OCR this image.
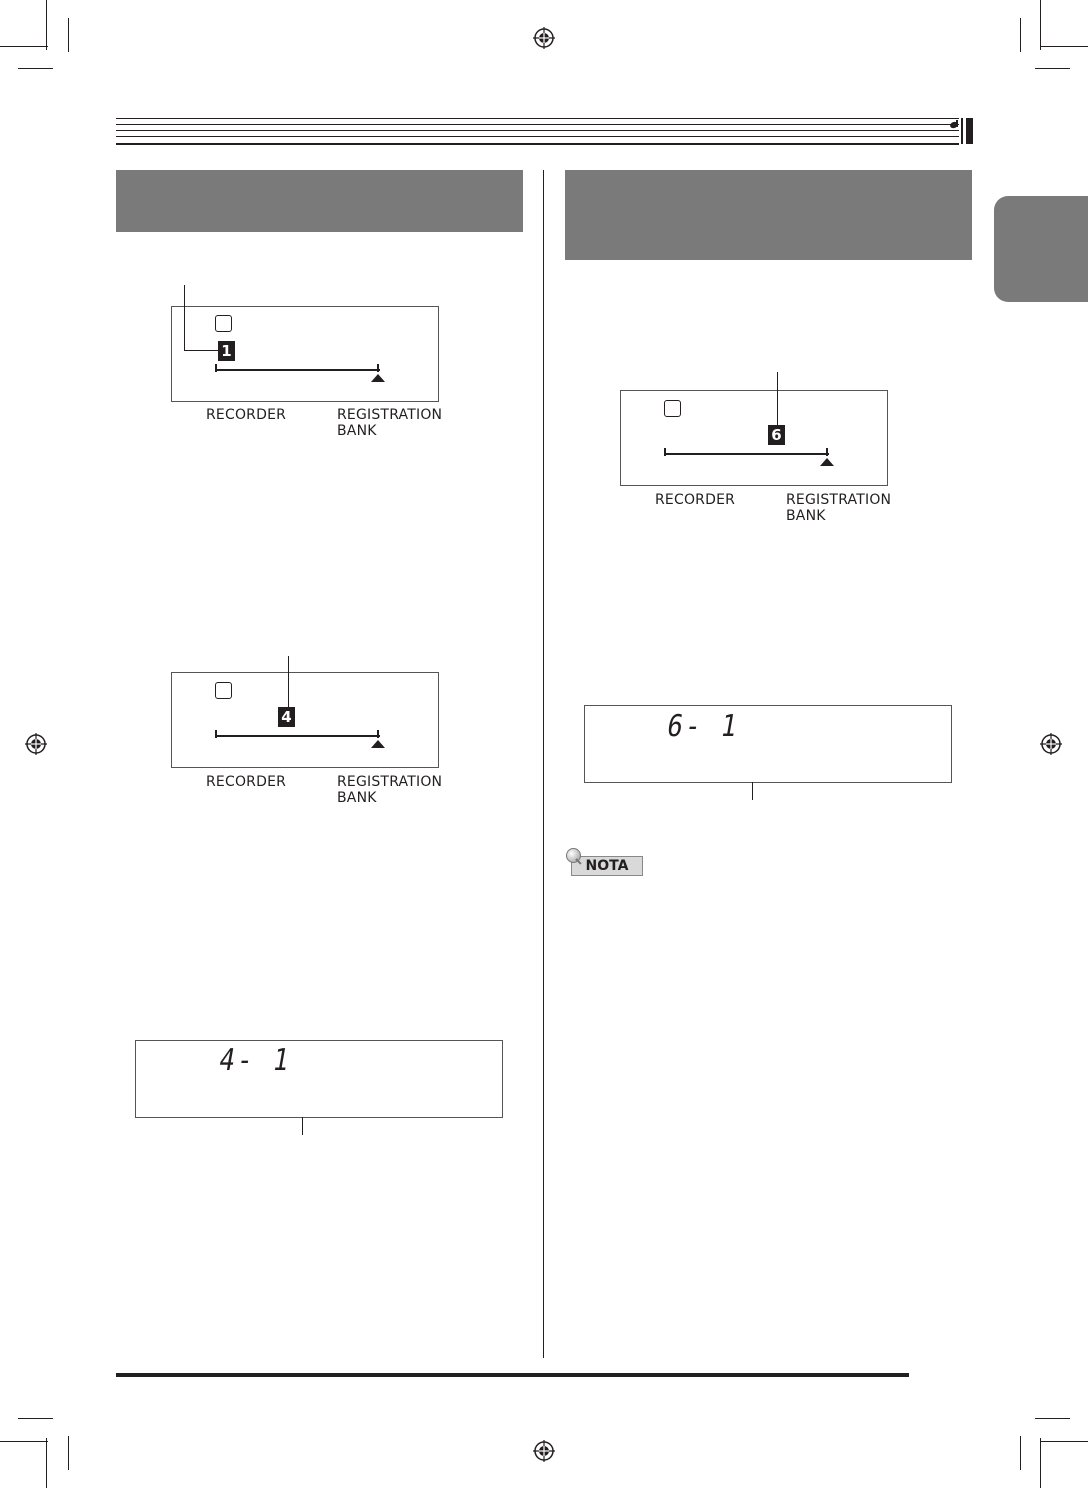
1
RECORDER	REGISTRATION
BANK
4
RECORDER	REGISTRATION
BANK
4- 1
6
RECORDER	REGISTRATION
BANK
6- 1
NOTA
